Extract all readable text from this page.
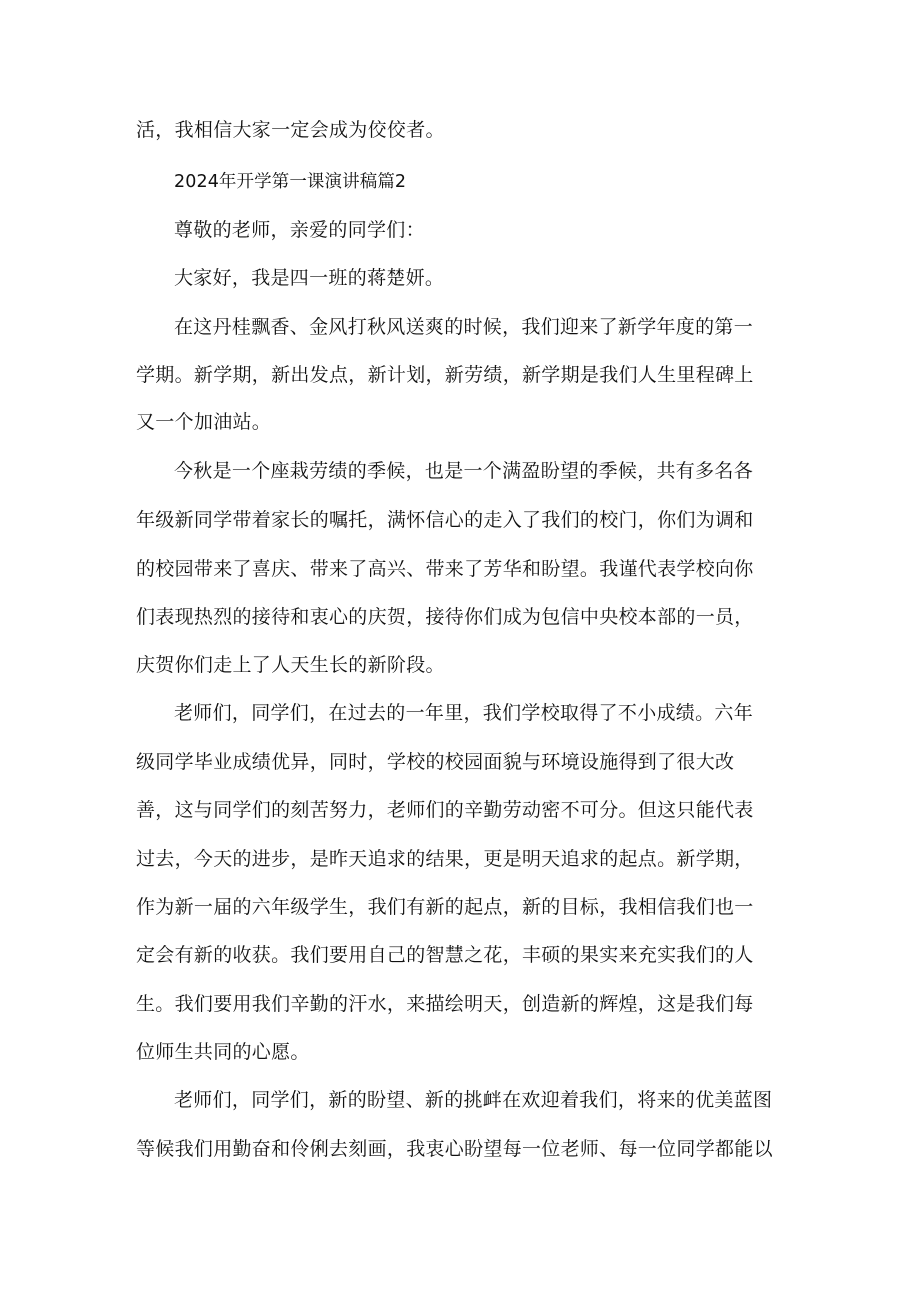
活，我相信大家一定会成为佼佼者。
2024年开学第一课演讲稿篇2
尊敬的老师，亲爱的同学们：
大家好，我是四一班的蒋楚妍。
在这丹桂飘香、金风打秋风送爽的时候，我们迎来了新学年度的第一
学期。新学期，新出发点，新计划，新劳绩，新学期是我们人生里程碑上
又一个加油站。
今秋是一个座栽劳绩的季候，也是一个满盈盼望的季候，共有多名各
年级新同学带着家长的嘱托，满怀信心的走入了我们的校门，你们为调和
的校园带来了喜庆、带来了高兴、带来了芳华和盼望。我谨代表学校向你
们表现热烈的接待和衷心的庆贺，接待你们成为包信中央校本部的一员，
庆贺你们走上了人天生长的新阶段。
老师们，同学们，在过去的一年里，我们学校取得了不小成绩。六年
级同学毕业成绩优异，同时，学校的校园面貌与环境设施得到了很大改
善，这与同学们的刻苦努力，老师们的辛勤劳动密不可分。但这只能代表
过去，今天的进步，是昨天追求的结果，更是明天追求的起点。新学期，
作为新一届的六年级学生，我们有新的起点，新的目标，我相信我们也一
定会有新的收获。我们要用自己的智慧之花，丰硕的果实来充实我们的人
生。我们要用我们辛勤的汗水，来描绘明天，创造新的辉煌，这是我们每
位师生共同的心愿。
老师们，同学们，新的盼望、新的挑衅在欢迎着我们，将来的优美蓝图
等候我们用勤奋和伶俐去刻画，我衷心盼望每一位老师、每一位同学都能以
